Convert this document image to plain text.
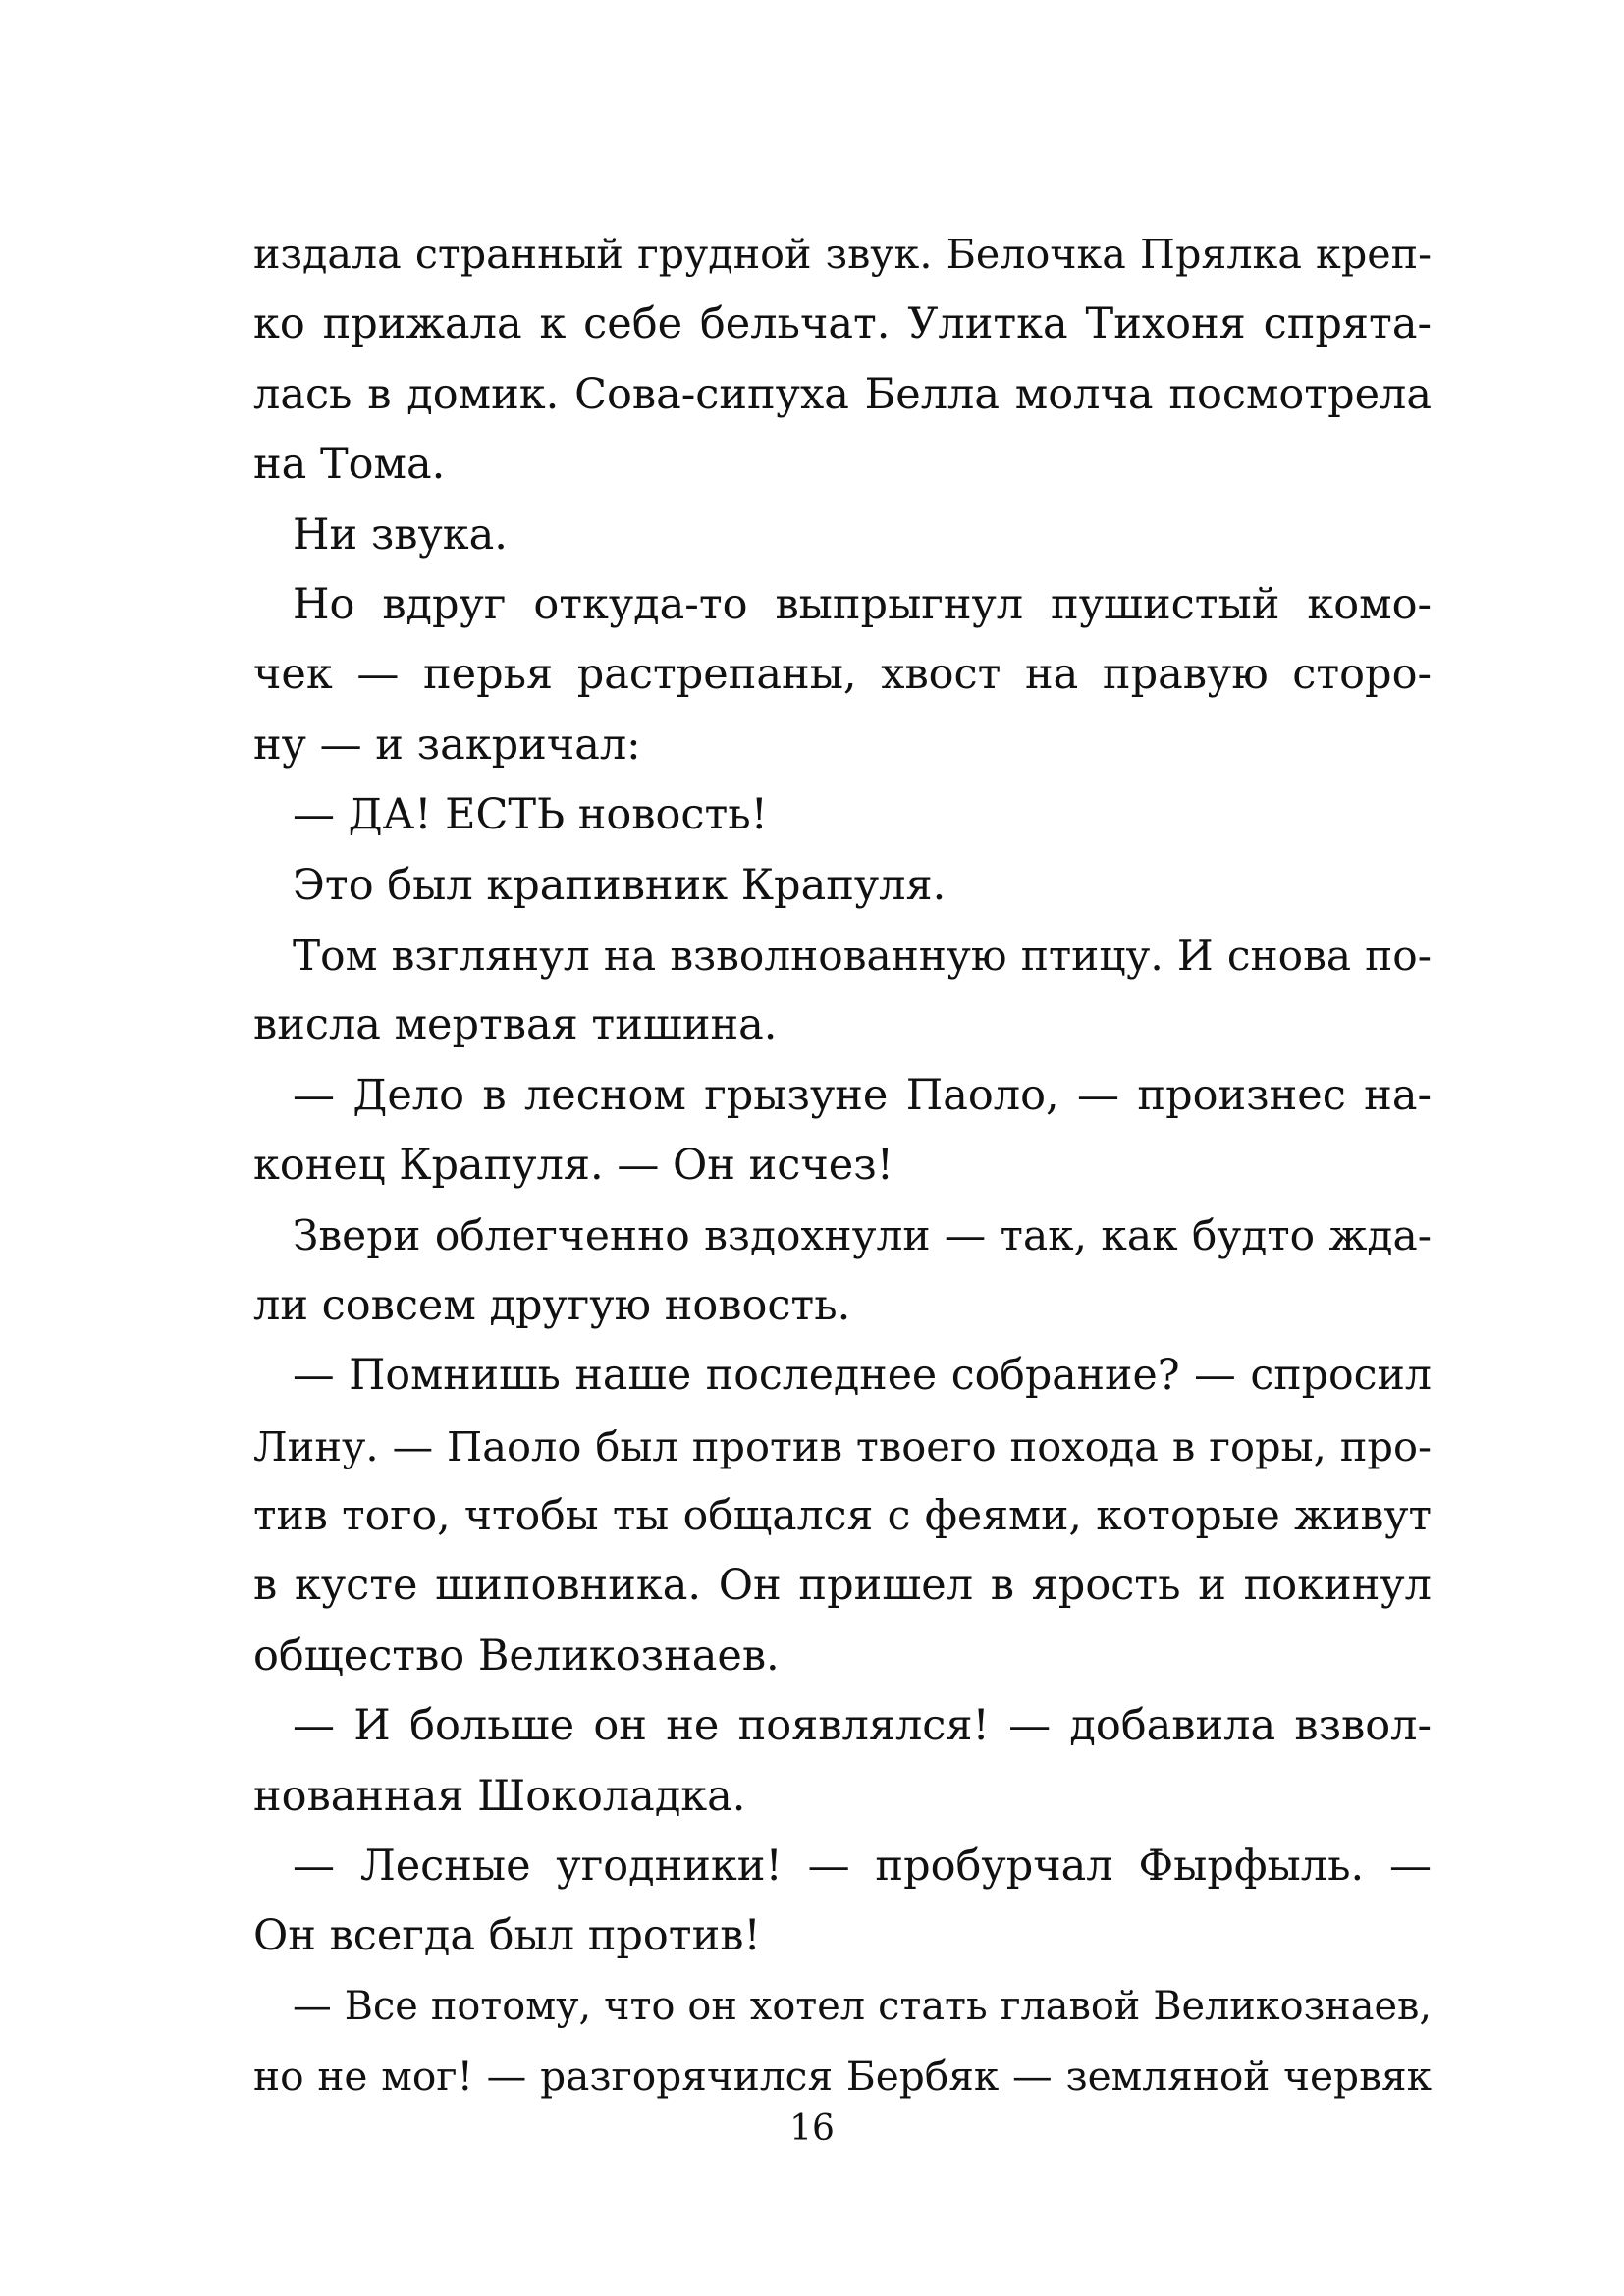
издала странный грудной звук. Белочка Прялка креп-
ко прижала к себе бельчат. Улитка Тихоня спрята-
лась в домик. Сова-сипуха Белла молча посмотрела
на Тома.
Ни звука.
Но вдруг откуда-то выпрыгнул пушистый комо-
чек — перья растрепаны, хвост на правую сторо-
ну — и закричал:
— ДА! ЕСТЬ новость!
Это был крапивник Крапуля.
Том взглянул на взволнованную птицу. И снова по-
висла мертвая тишина.
— Дело в лесном грызуне Паоло, — произнес на-
конец Крапуля. — Он исчез!
Звери облегченно вздохнули — так, как будто жда-
ли совсем другую новость.
— Помнишь наше последнее собрание? — спросил
Лину. — Паоло был против твоего похода в горы, про-
тив того, чтобы ты общался с феями, которые живут
в кусте шиповника. Он пришел в ярость и покинул
общество Великознаев.
— И больше он не появлялся! — добавила взвол-
нованная Шоколадка.
— Лесные угодники! — пробурчал Фырфыль. —
Он всегда был против!
— Все потому, что он хотел стать главой Великознаев,
но не мог! — разгорячился Бербяк — земляной червяк
16
